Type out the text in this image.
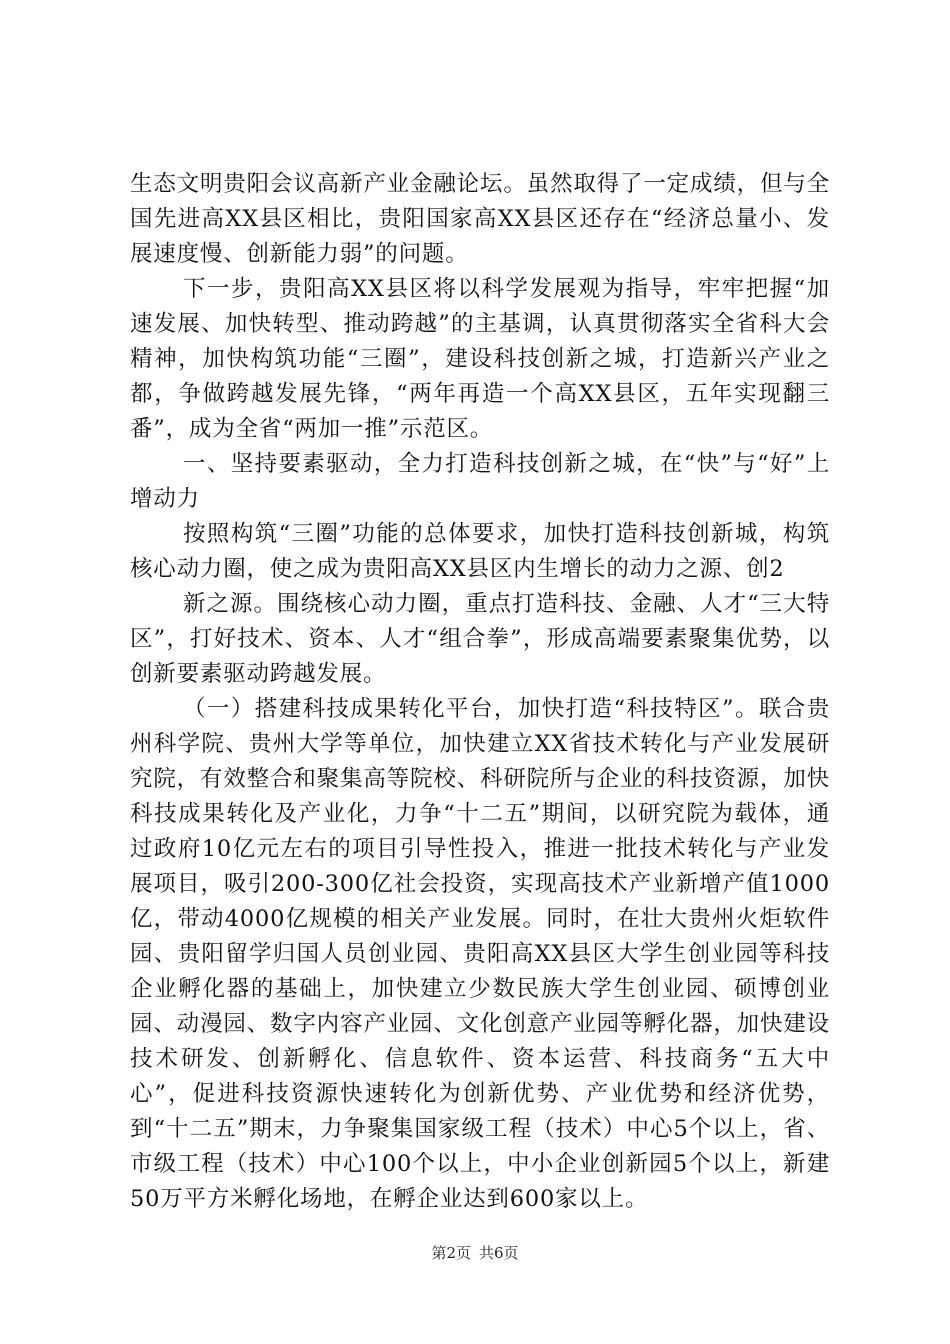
生态文明贵阳会议高新产业金融论坛。虽然取得了一定成绩，但与全国先进高XX县区相比，贵阳国家高XX县区还存在“经济总量小、发展速度慢、创新能力弱”的问题。

下一步，贵阳高XX县区将以科学发展观为指导，牢牢把握“加速发展、加快转型、推动跨越”的主基调，认真贯彻落实全省科大会精神，加快构筑功能“三圈”，建设科技创新之城，打造新兴产业之都，争做跨越发展先锋，“两年再造一个高XX县区，五年实现翻三番”，成为全省“两加一推”示范区。

一、坚持要素驱动，全力打造科技创新之城，在“快”与“好”上增动力

按照构筑“三圈”功能的总体要求，加快打造科技创新城，构筑核心动力圈，使之成为贵阳高XX县区内生增长的动力之源、创2

新之源。围绕核心动力圈，重点打造科技、金融、人才“三大特区”，打好技术、资本、人才“组合拳”，形成高端要素聚集优势，以创新要素驱动跨越发展。

（一）搭建科技成果转化平台，加快打造“科技特区”。联合贵州科学院、贵州大学等单位，加快建立XX省技术转化与产业发展研究院，有效整合和聚集高等院校、科研院所与企业的科技资源，加快科技成果转化及产业化，力争“十二五”期间，以研究院为载体，通过政府10亿元左右的项目引导性投入，推进一批技术转化与产业发展项目，吸引200-300亿社会投资，实现高技术产业新增产值1000亿，带动4000亿规模的相关产业发展。同时，在壮大贵州火炬软件园、贵阳留学归国人员创业园、贵阳高XX县区大学生创业园等科技企业孵化器的基础上，加快建立少数民族大学生创业园、硕博创业园、动漫园、数字内容产业园、文化创意产业园等孵化器，加快建设技术研发、创新孵化、信息软件、资本运营、科技商务“五大中心”，促进科技资源快速转化为创新优势、产业优势和经济优势，到“十二五”期末，力争聚集国家级工程（技术）中心5个以上，省、市级工程（技术）中心100个以上，中小企业创新园5个以上，新建50万平方米孵化场地，在孵企业达到600家以上。

第2页 共6页
